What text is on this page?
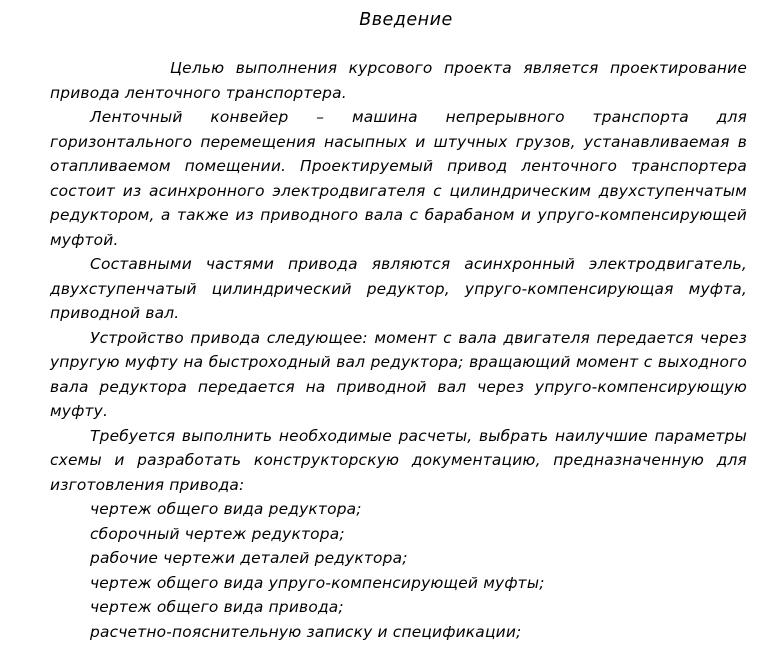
Введение

Целью выполнения курсового проекта является проектирование привода ленточного транспортера.

Ленточный конвейер – машина непрерывного транспорта для горизонтального перемещения насыпных и штучных грузов, устанавливаемая в отапливаемом помещении. Проектируемый привод ленточного транспортера состоит из асинхронного электродвигателя с цилиндрическим двухступенчатым редуктором, а также из приводного вала с барабаном и упруго-компенсирующей муфтой.

Составными частями привода являются асинхронный электродвигатель, двухступенчатый цилиндрический редуктор, упруго-компенсирующая муфта, приводной вал.

Устройство привода следующее: момент с вала двигателя передается через упругую муфту на быстроходный вал редуктора; вращающий момент с выходного вала редуктора передается на приводной вал через упруго-компенсирующую муфту.

Требуется выполнить необходимые расчеты, выбрать наилучшие параметры схемы и разработать конструкторскую документацию, предназначенную для изготовления привода:

чертеж общего вида редуктора;
сборочный чертеж редуктора;
рабочие чертежи деталей редуктора;
чертеж общего вида упруго-компенсирующей муфты;
чертеж общего вида привода;
расчетно-пояснительную записку и спецификации;
